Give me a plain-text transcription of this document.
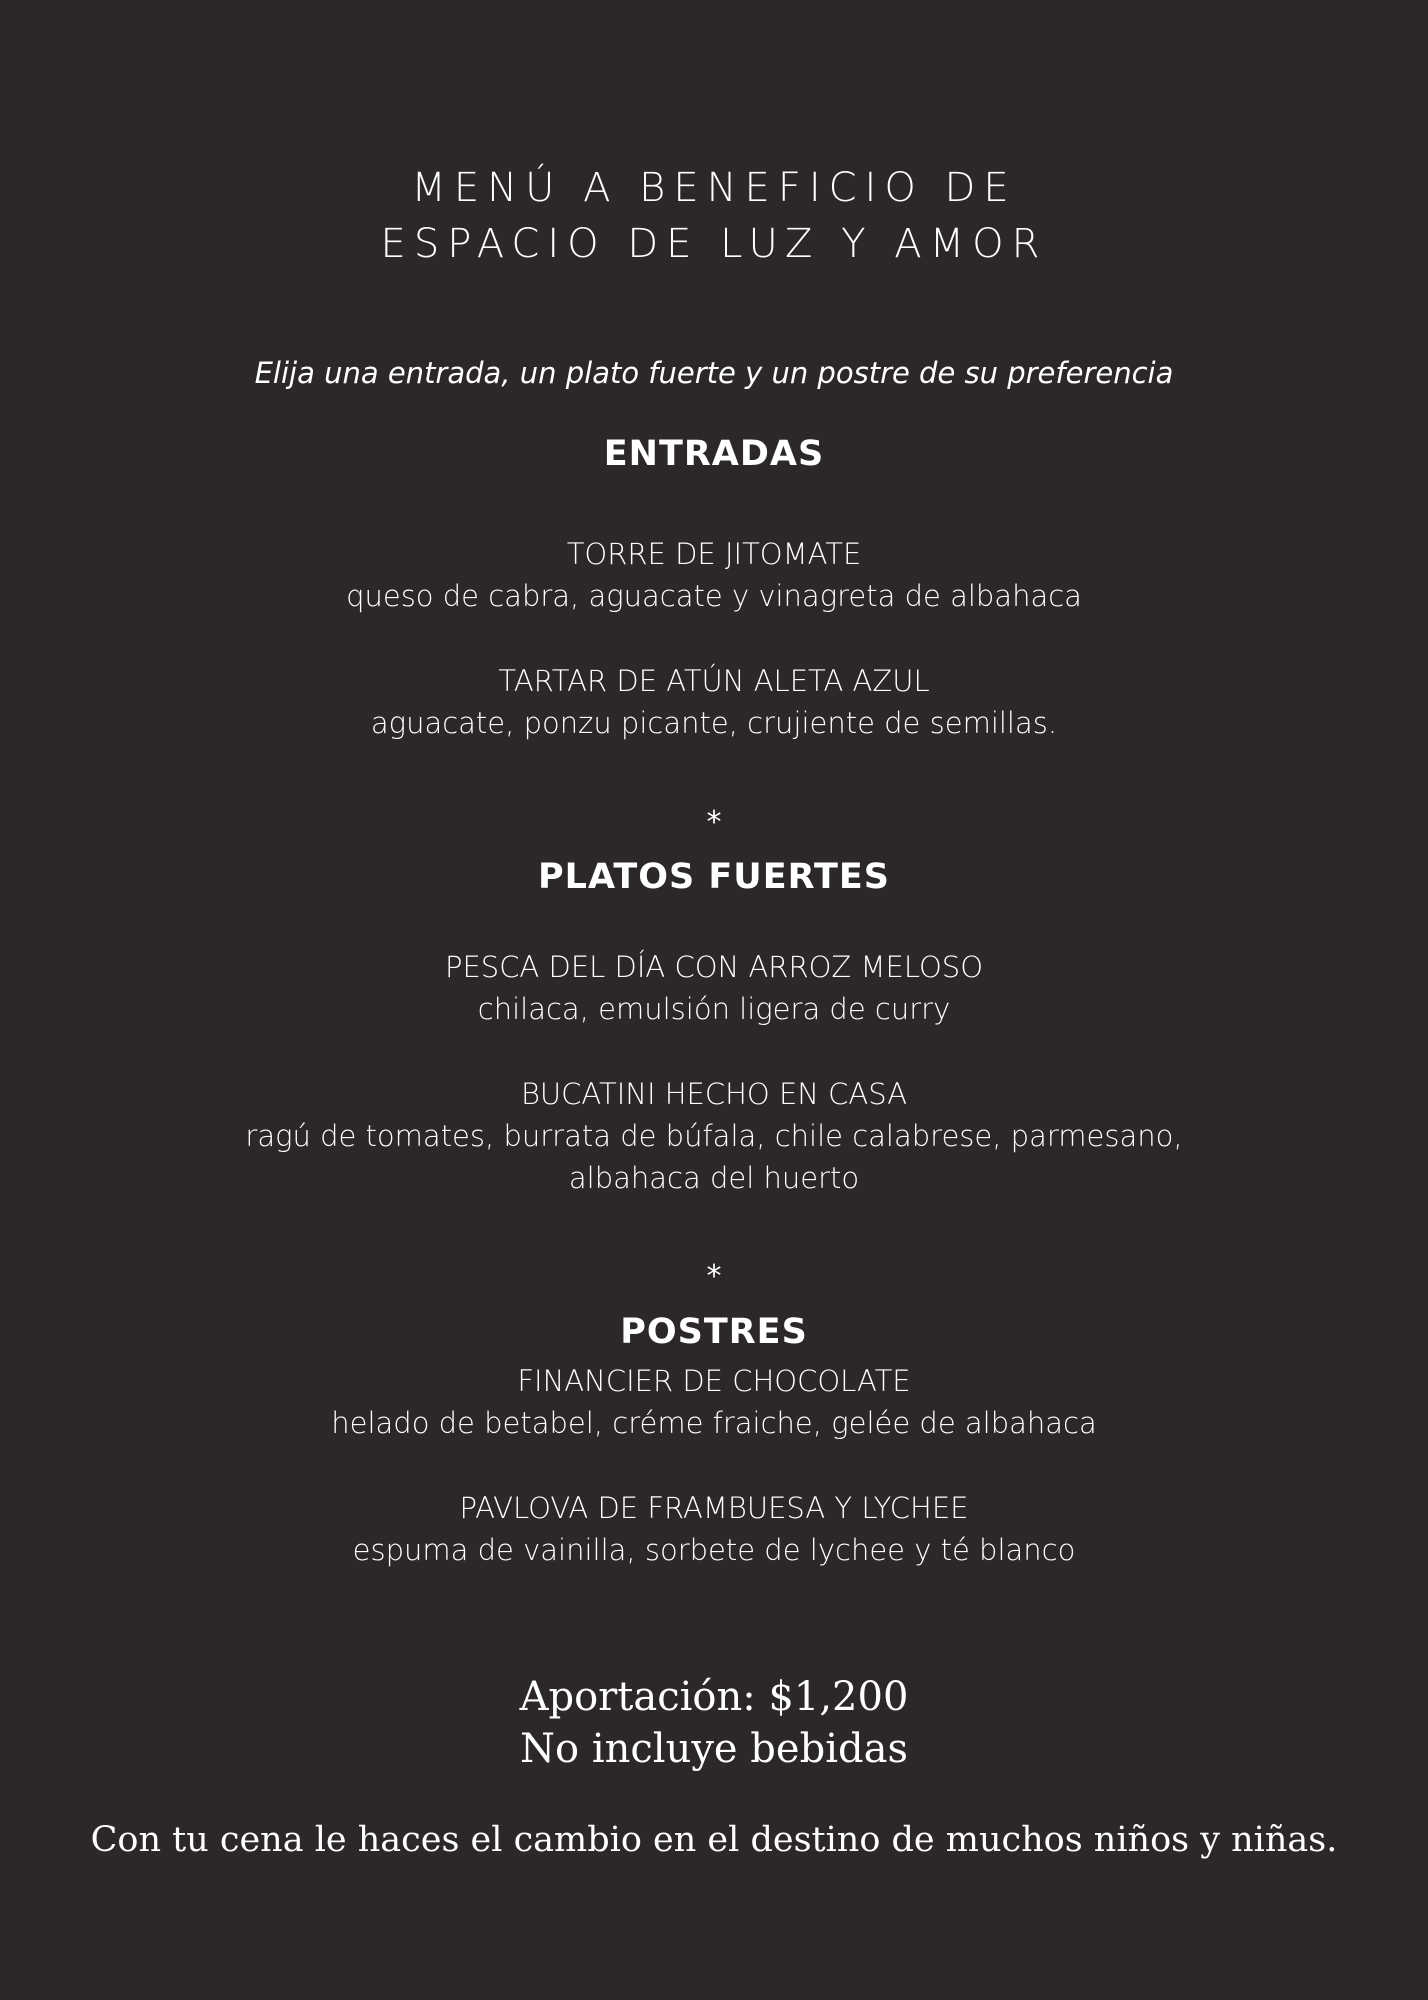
MENÚ A BENEFICIO DE
ESPACIO DE LUZ Y AMOR
Elija una entrada, un plato fuerte y un postre de su preferencia
ENTRADAS
TORRE DE JITOMATE
queso de cabra, aguacate y vinagreta de albahaca
TARTAR DE ATÚN ALETA AZUL
aguacate, ponzu picante, crujiente de semillas.
*
PLATOS FUERTES
PESCA DEL DÍA CON ARROZ MELOSO
chilaca, emulsión ligera de curry
BUCATINI HECHO EN CASA
ragú de tomates, burrata de búfala, chile calabrese, parmesano,
albahaca del huerto
*
POSTRES
FINANCIER DE CHOCOLATE
helado de betabel, créme fraiche, gelée de albahaca
PAVLOVA DE FRAMBUESA Y LYCHEE
espuma de vainilla, sorbete de lychee y té blanco
Aportación: $1,200
No incluye bebidas
Con tu cena le haces el cambio en el destino de muchos niños y niñas.
